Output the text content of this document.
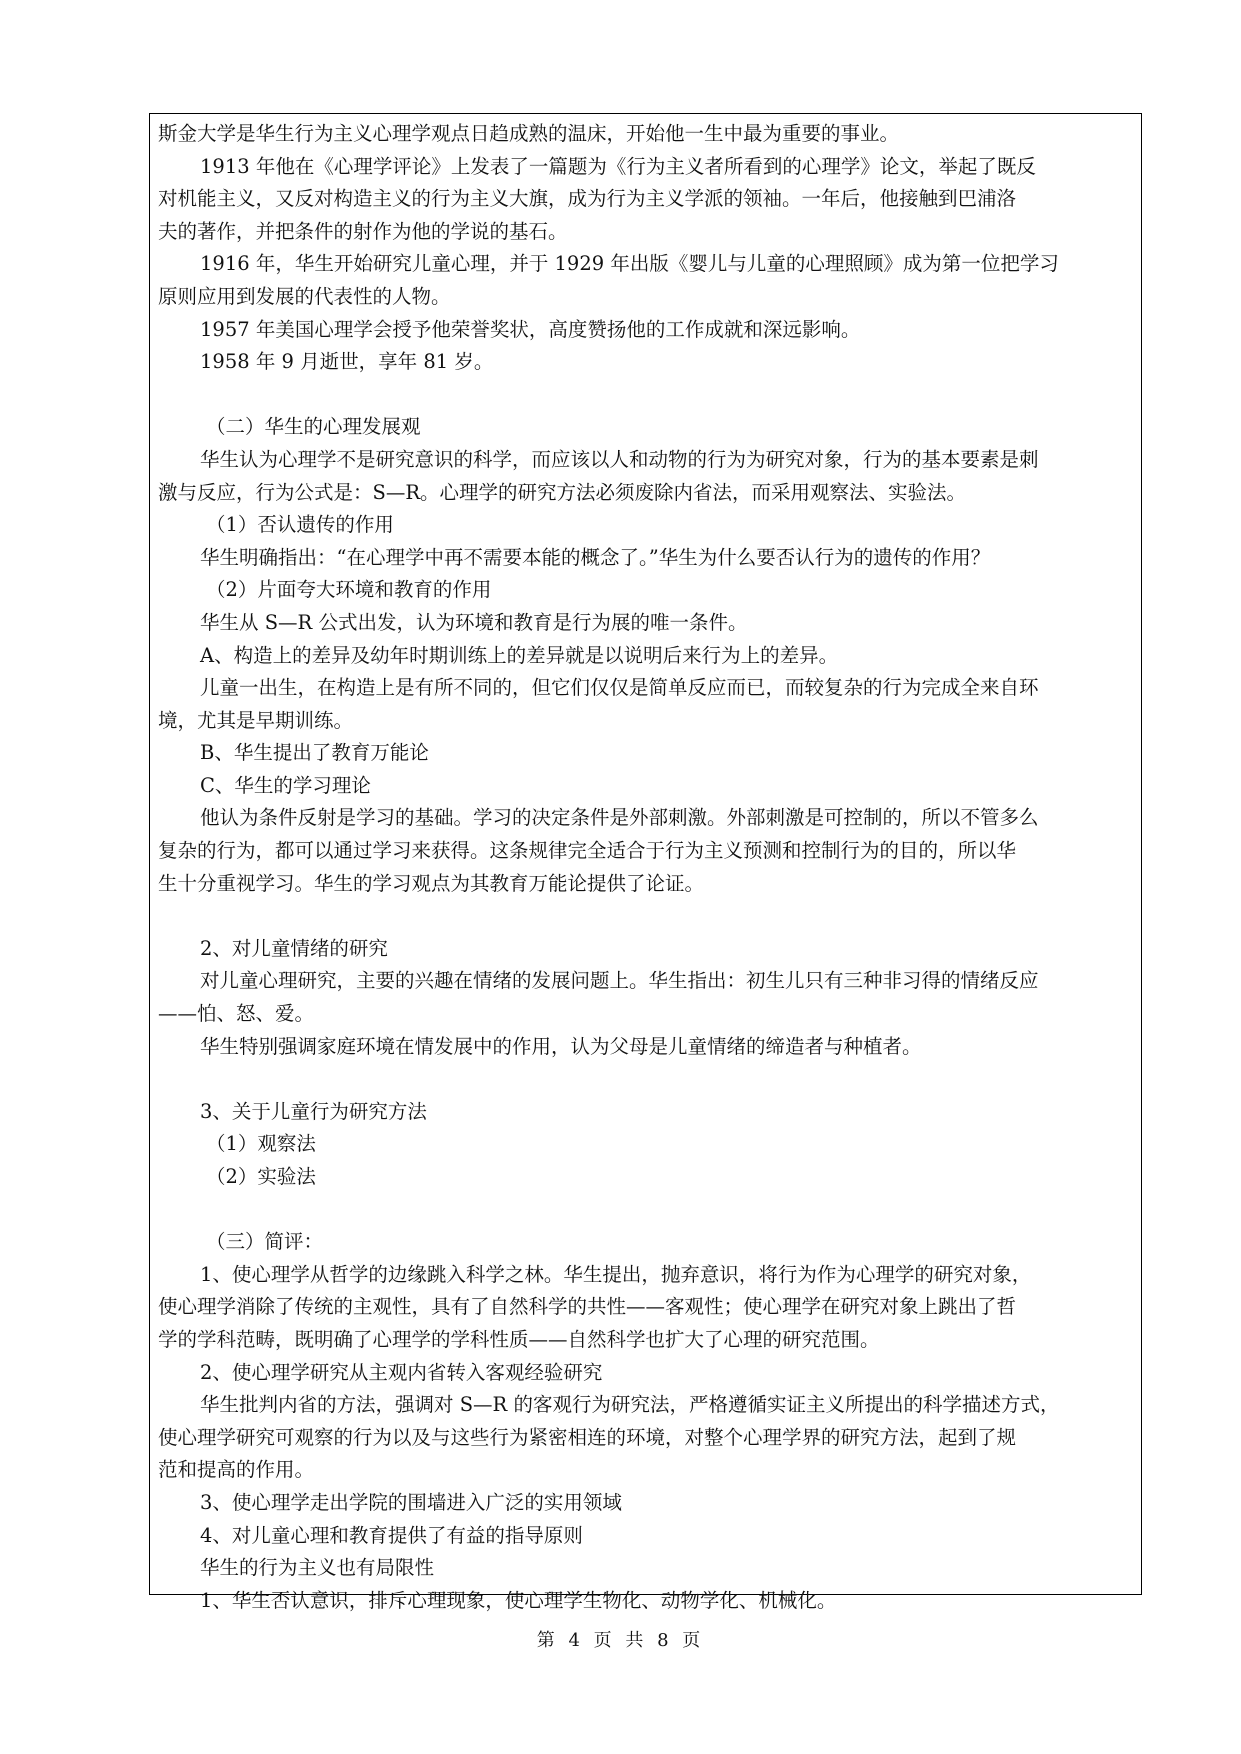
斯金大学是华生行为主义心理学观点日趋成熟的温床，开始他一生中最为重要的事业。
1913 年他在《心理学评论》上发表了一篇题为《行为主义者所看到的心理学》论文，举起了既反
对机能主义，又反对构造主义的行为主义大旗，成为行为主义学派的领袖。一年后，他接触到巴浦洛
夫的著作，并把条件的射作为他的学说的基石。
1916 年，华生开始研究儿童心理，并于 1929 年出版《婴儿与儿童的心理照顾》成为第一位把学习
原则应用到发展的代表性的人物。
1957 年美国心理学会授予他荣誉奖状，高度赞扬他的工作成就和深远影响。
1958 年 9 月逝世，享年 81 岁。
（二）华生的心理发展观
华生认为心理学不是研究意识的科学，而应该以人和动物的行为为研究对象，行为的基本要素是刺
激与反应，行为公式是：S—R。心理学的研究方法必须废除内省法，而采用观察法、实验法。
（1）否认遗传的作用
华生明确指出：“在心理学中再不需要本能的概念了。”华生为什么要否认行为的遗传的作用？
（2）片面夸大环境和教育的作用
华生从 S—R 公式出发，认为环境和教育是行为展的唯一条件。
A、构造上的差异及幼年时期训练上的差异就是以说明后来行为上的差异。
儿童一出生，在构造上是有所不同的，但它们仅仅是简单反应而已，而较复杂的行为完成全来自环
境，尤其是早期训练。
B、华生提出了教育万能论
C、华生的学习理论
他认为条件反射是学习的基础。学习的决定条件是外部刺激。外部刺激是可控制的，所以不管多么
复杂的行为，都可以通过学习来获得。这条规律完全适合于行为主义预测和控制行为的目的，所以华
生十分重视学习。华生的学习观点为其教育万能论提供了论证。
2、对儿童情绪的研究
对儿童心理研究，主要的兴趣在情绪的发展问题上。华生指出：初生儿只有三种非习得的情绪反应
——怕、怒、爱。
华生特别强调家庭环境在情发展中的作用，认为父母是儿童情绪的缔造者与种植者。
3、关于儿童行为研究方法
（1）观察法
（2）实验法
（三）简评：
1、使心理学从哲学的边缘跳入科学之林。华生提出，抛弃意识，将行为作为心理学的研究对象，
使心理学消除了传统的主观性，具有了自然科学的共性——客观性；使心理学在研究对象上跳出了哲
学的学科范畴，既明确了心理学的学科性质——自然科学也扩大了心理的研究范围。
2、使心理学研究从主观内省转入客观经验研究
华生批判内省的方法，强调对 S—R 的客观行为研究法，严格遵循实证主义所提出的科学描述方式，
使心理学研究可观察的行为以及与这些行为紧密相连的环境，对整个心理学界的研究方法，起到了规
范和提高的作用。
3、使心理学走出学院的围墙进入广泛的实用领域
4、对儿童心理和教育提供了有益的指导原则
华生的行为主义也有局限性
1、华生否认意识，排斥心理现象，使心理学生物化、动物学化、机械化。
第 4 页 共 8 页
